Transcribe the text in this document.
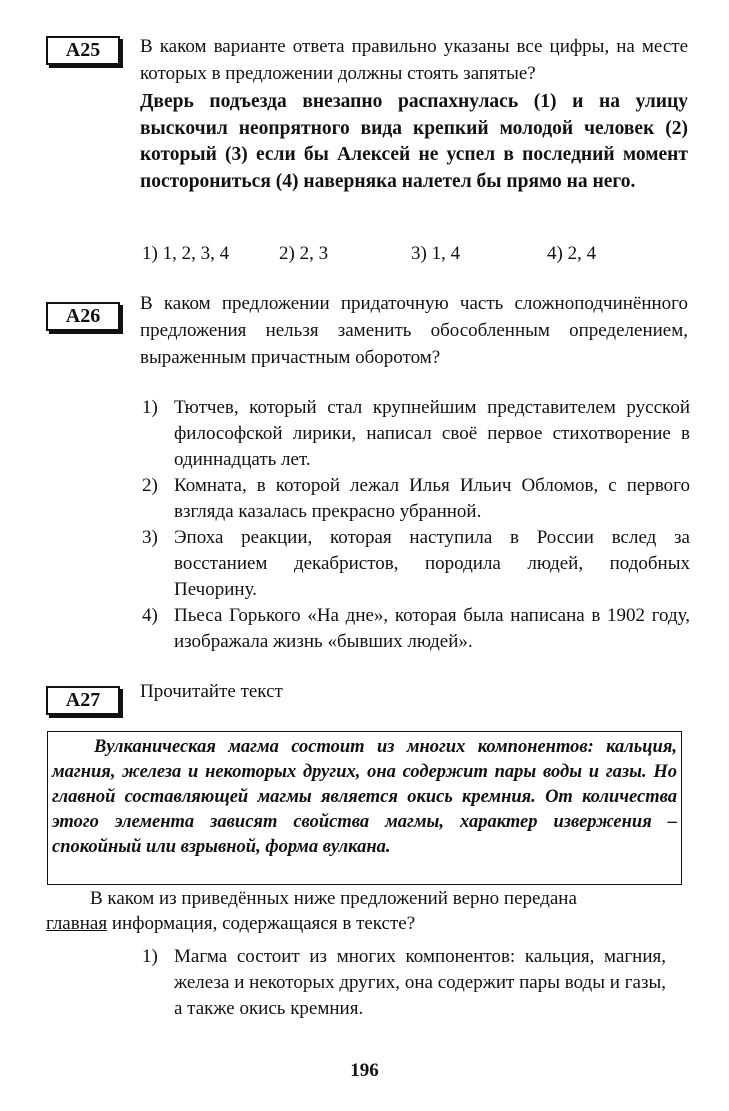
A25	В каком варианте ответа правильно указаны все цифры, на месте которых в предложении должны стоять запятые?
Дверь подъезда внезапно распахнулась (1) и на улицу выскочил неопрятного вида крепкий молодой человек (2) который (3) если бы Алексей не успел в последний момент посторониться (4) наверняка налетел бы прямо на него.
1) 1, 2, 3, 4	2) 2, 3	3) 1, 4	4) 2, 4
A26
В каком предложении придаточную часть сложноподчинённого предложения нельзя заменить обособленным определением, выраженным причастным оборотом?
1) Тютчев, который стал крупнейшим представителем русской философской лирики, написал своё первое стихотворение в одиннадцать лет.
2) Комната, в которой лежал Илья Ильич Обломов, с первого взгляда казалась прекрасно убранной.
3) Эпоха реакции, которая наступила в России вслед за восстанием декабристов, породила людей, подобных Печорину.
4) Пьеса Горького «На дне», которая была написана в 1902 году, изображала жизнь «бывших людей».
A27	Прочитайте текст
Вулканическая магма состоит из многих компонентов: кальция, магния, железа и некоторых других, она содержит пары воды и газы. Но главной составляющей магмы является окись кремния. От количества этого элемента зависят свойства магмы, характер извержения – спокойный или взрывной, форма вулкана.
В каком из приведённых ниже предложений верно передана
главная информация, содержащаяся в тексте?
1) Магма состоит из многих компонентов: кальция, магния, железа и некоторых других, она содержит пары воды и газы, а также окись кремния.
196
